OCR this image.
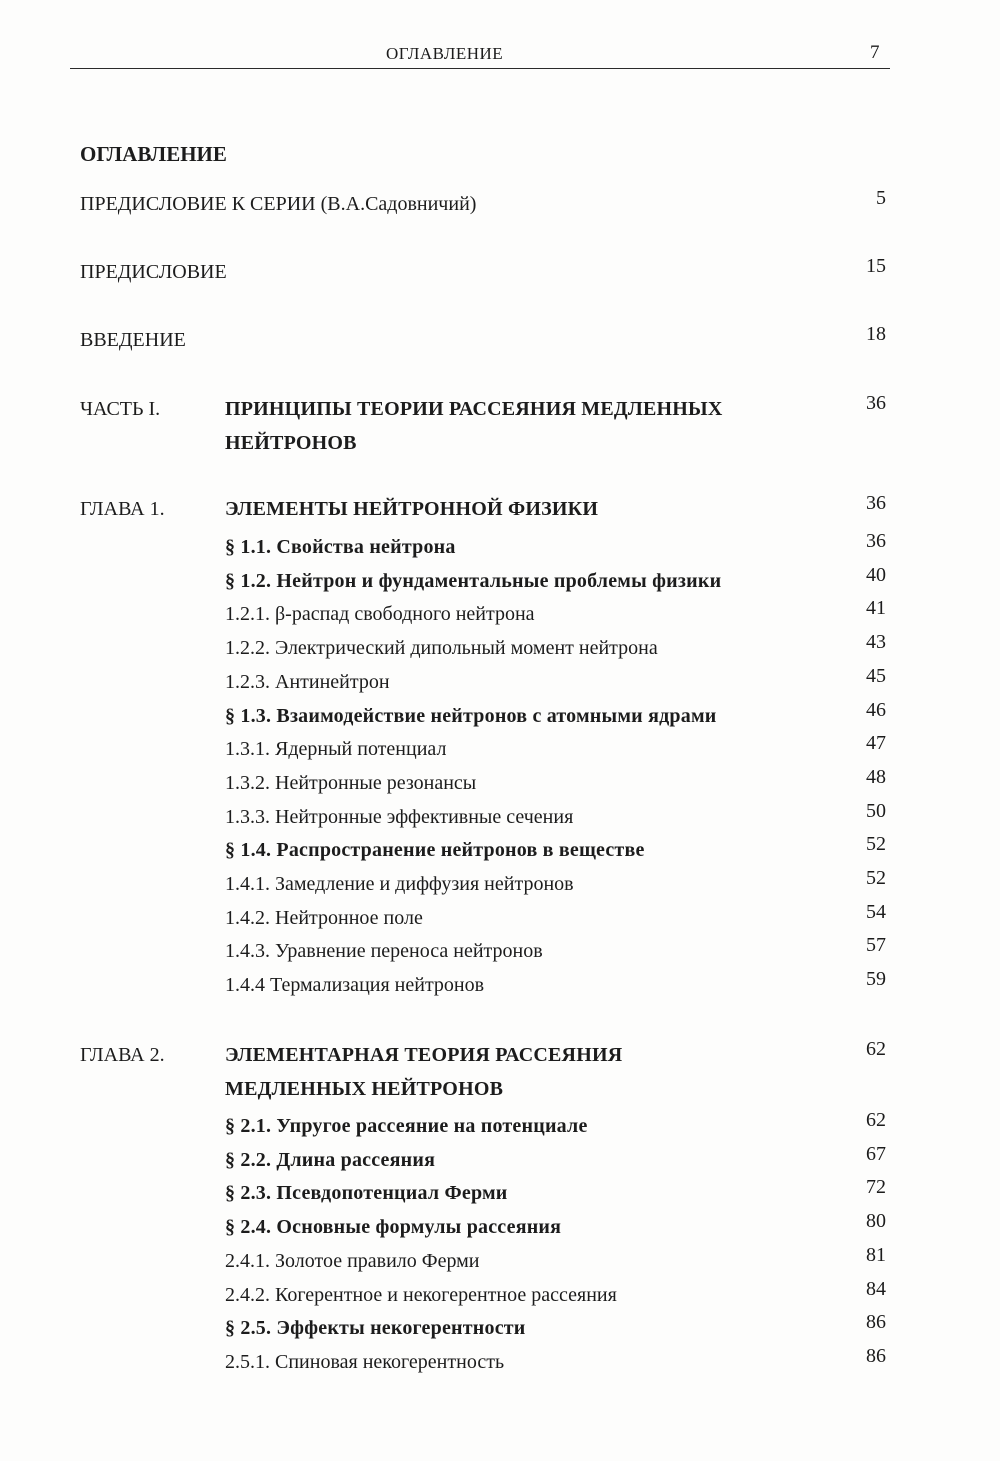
ОГЛАВЛЕНИЕ	7
ОГЛАВЛЕНИЕ
ПРЕДИСЛОВИЕ К СЕРИИ (В.А.Садовничий)	5
ПРЕДИСЛОВИЕ	15
ВВЕДЕНИЕ	18
ЧАСТЬ I.	ПРИНЦИПЫ ТЕОРИИ РАССЕЯНИЯ МЕДЛЕННЫХ	36
НЕЙТРОНОВ
ГЛАВА 1.	ЭЛЕМЕНТЫ НЕЙТРОННОЙ ФИЗИКИ	36
§ 1.1. Свойства нейтрона	36
§ 1.2. Нейтрон и фундаментальные проблемы физики	40
1.2.1. β-распад свободного нейтрона	41
1.2.2. Электрический дипольный момент нейтрона	43
1.2.3. Антинейтрон	45
§ 1.3. Взаимодействие нейтронов с атомными ядрами	46
1.3.1. Ядерный потенциал	47
1.3.2. Нейтронные резонансы	48
1.3.3. Нейтронные эффективные сечения	50
§ 1.4. Распространение нейтронов в веществе	52
1.4.1. Замедление и диффузия нейтронов	52
1.4.2. Нейтронное поле	54
1.4.3. Уравнение переноса нейтронов	57
1.4.4 Термализация нейтронов	59
ГЛАВА 2.	ЭЛЕМЕНТАРНАЯ ТЕОРИЯ РАССЕЯНИЯ	62
МЕДЛЕННЫХ НЕЙТРОНОВ
§ 2.1. Упругое рассеяние на потенциале	62
§ 2.2. Длина рассеяния	67
§ 2.3. Псевдопотенциал Ферми	72
§ 2.4. Основные формулы рассеяния	80
2.4.1. Золотое правило Ферми	81
2.4.2. Когерентное и некогерентное рассеяния	84
§ 2.5. Эффекты некогерентности	86
2.5.1. Спиновая некогерентность	86
